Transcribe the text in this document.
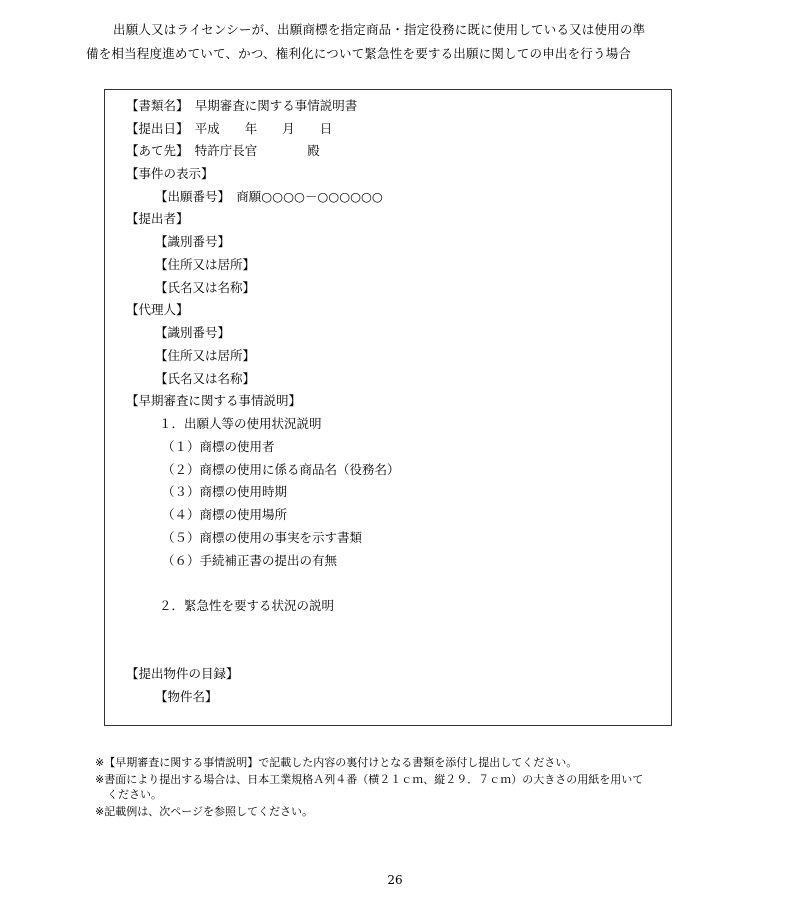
出願人又はライセンシーが、出願商標を指定商品・指定役務に既に使用している又は使用の準
備を相当程度進めていて、かつ、権利化について緊急性を要する出願に関しての申出を行う場合
【書類名】　早期審査に関する事情説明書
【提出日】　平成　　年　　月　　日
【あて先】　特許庁長官　　　　殿
【事件の表示】
【出願番号】　商願○○○○－○○○○○○
【提出者】
【識別番号】
【住所又は居所】
【氏名又は名称】
【代理人】
【識別番号】
【住所又は居所】
【氏名又は名称】
【早期審査に関する事情説明】
１．出願人等の使用状況説明
（１）商標の使用者
（２）商標の使用に係る商品名（役務名）
（３）商標の使用時期
（４）商標の使用場所
（５）商標の使用の事実を示す書類
（６）手続補正書の提出の有無
２．緊急性を要する状況の説明
【提出物件の目録】
【物件名】
※【早期審査に関する事情説明】で記載した内容の裏付けとなる書類を添付し提出してください。
※書面により提出する場合は、日本工業規格Ａ列４番（横２１ｃｍ、縦２９．７ｃｍ）の大きさの用紙を用いて
ください。
※記載例は、次ページを参照してください。
26
